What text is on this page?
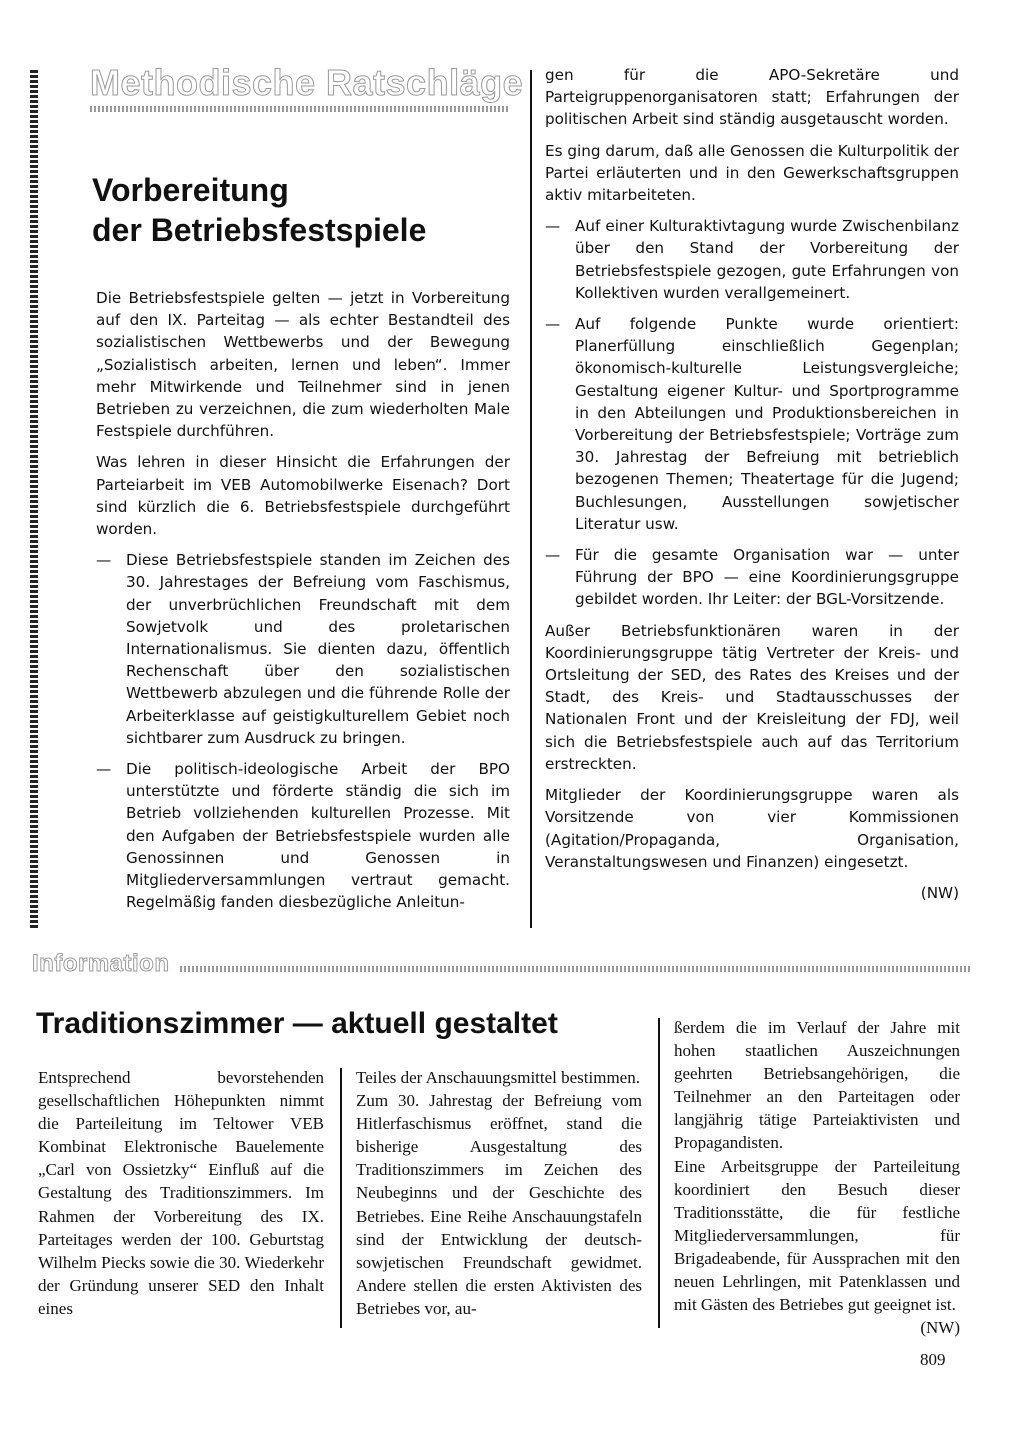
Methodische Ratschläge
Vorbereitung
der Betriebsfestspiele

Die Betriebsfestspiele gelten — jetzt in Vorbereitung auf den IX. Parteitag — als echter Bestandteil des sozialistischen Wettbewerbs und der Bewegung „Sozialistisch arbeiten, lernen und leben“. Immer mehr Mitwirkende und Teilnehmer sind in jenen Betrieben zu verzeichnen, die zum wiederholten Male Festspiele durchführen.

Was lehren in dieser Hinsicht die Erfahrungen der Parteiarbeit im VEB Automobilwerke Eisenach? Dort sind kürzlich die 6. Betriebsfestspiele durchgeführt worden.

— Diese Betriebsfestspiele standen im Zeichen des 30. Jahrestages der Befreiung vom Faschismus, der unverbrüchlichen Freundschaft mit dem Sowjetvolk und des proletarischen Internationalismus. Sie dienten dazu, öffentlich Rechenschaft über den sozialistischen Wettbewerb abzulegen und die führende Rolle der Arbeiterklasse auf geistigkulturellem Gebiet noch sichtbarer zum Ausdruck zu bringen.
— Die politisch-ideologische Arbeit der BPO unterstützte und förderte ständig die sich im Betrieb vollziehenden kulturellen Prozesse. Mit den Aufgaben der Betriebsfestspiele wurden alle Genossinnen und Genossen in Mitgliederversammlungen vertraut gemacht. Regelmäßig fanden diesbezügliche Anleitun-

gen für die APO-Sekretäre und Parteigruppenorganisatoren statt; Erfahrungen der politischen Arbeit sind ständig ausgetauscht worden.

Es ging darum, daß alle Genossen die Kulturpolitik der Partei erläuterten und in den Gewerkschaftsgruppen aktiv mitarbeiteten.

— Auf einer Kulturaktivtagung wurde Zwischenbilanz über den Stand der Vorbereitung der Betriebsfestspiele gezogen, gute Erfahrungen von Kollektiven wurden verallgemeinert.
— Auf folgende Punkte wurde orientiert: Planerfüllung einschließlich Gegenplan; ökonomisch-kulturelle Leistungsvergleiche; Gestaltung eigener Kultur- und Sportprogramme in den Abteilungen und Produktionsbereichen in Vorbereitung der Betriebsfestspiele; Vorträge zum 30. Jahrestag der Befreiung mit betrieblich bezogenen Themen; Theatertage für die Jugend; Buchlesungen, Ausstellungen sowjetischer Literatur usw.
— Für die gesamte Organisation war — unter Führung der BPO — eine Koordinierungsgruppe gebildet worden. Ihr Leiter: der BGL-Vorsitzende.

Außer Betriebsfunktionären waren in der Koordinierungsgruppe tätig Vertreter der Kreis- und Ortsleitung der SED, des Rates des Kreises und der Stadt, des Kreis- und Stadtausschusses der Nationalen Front und der Kreisleitung der FDJ, weil sich die Betriebsfestspiele auch auf das Territorium erstreckten.

Mitglieder der Koordinierungsgruppe waren als Vorsitzende von vier Kommissionen (Agitation/Propaganda, Organisation, Veranstaltungswesen und Finanzen) eingesetzt.

(NW)

Information
Traditionszimmer — aktuell gestaltet

Entsprechend bevorstehenden gesellschaftlichen Höhepunkten nimmt die Parteileitung im Teltower VEB Kombinat Elektronische Bauelemente „Carl von Ossietzky“ Einfluß auf die Gestaltung des Traditionszimmers. Im Rahmen der Vorbereitung des IX. Parteitages werden der 100. Geburtstag Wilhelm Piecks sowie die 30. Wiederkehr der Gründung unserer SED den Inhalt eines

Teiles der Anschauungsmittel bestimmen.

Zum 30. Jahrestag der Befreiung vom Hitlerfaschismus eröffnet, stand die bisherige Ausgestaltung des Traditionszimmers im Zeichen des Neubeginns und der Geschichte des Betriebes. Eine Reihe Anschauungstafeln sind der Entwicklung der deutsch-sowjetischen Freundschaft gewidmet. Andere stellen die ersten Aktivisten des Betriebes vor, au-

ßerdem die im Verlauf der Jahre mit hohen staatlichen Auszeichnungen geehrten Betriebsangehörigen, die Teilnehmer an den Parteitagen oder langjährig tätige Parteiaktivisten und Propagandisten.

Eine Arbeitsgruppe der Parteileitung koordiniert den Besuch dieser Traditionsstätte, die für festliche Mitgliederversammlungen, für Brigadeabende, für Aussprachen mit den neuen Lehrlingen, mit Patenklassen und mit Gästen des Betriebes gut geeignet ist.

(NW)

809
